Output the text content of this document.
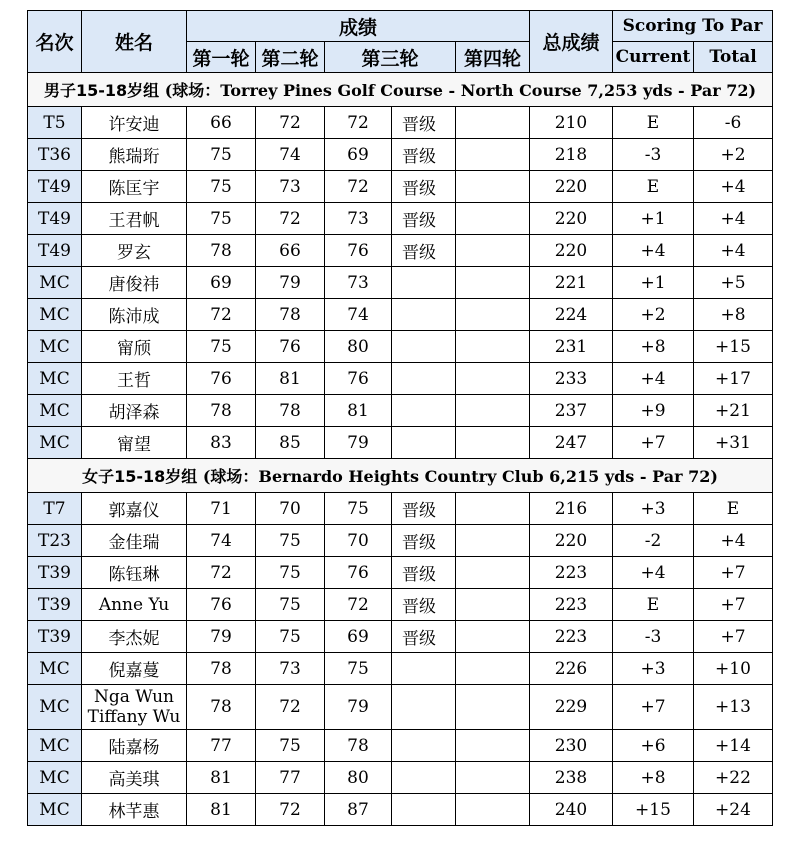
名次	姓名	成绩					总成绩	Scoring To Par	
		第一轮	第二轮	第三轮		第四轮		Current	Total
男子15-18岁组 (球场：Torrey Pines Golf Course - North Course 7,253 yds - Par 72)									
T5	许安迪	66	72	72	晋级		210	E	-6
T36	熊瑞珩	75	74	69	晋级		218	-3	+2
T49	陈匡宇	75	73	72	晋级		220	E	+4
T49	王君帆	75	72	73	晋级		220	+1	+4
T49	罗玄	78	66	76	晋级		220	+4	+4
MC	唐俊祎	69	79	73			221	+1	+5
MC	陈沛成	72	78	74			224	+2	+8
MC	甯颀	75	76	80			231	+8	+15
MC	王哲	76	81	76			233	+4	+17
MC	胡泽森	78	78	81			237	+9	+21
MC	甯望	83	85	79			247	+7	+31
女子15-18岁组 (球场：Bernardo Heights Country Club 6,215 yds - Par 72)									
T7	郭嘉仪	71	70	75	晋级		216	+3	E
T23	金佳瑞	74	75	70	晋级		220	-2	+4
T39	陈钰琳	72	75	76	晋级		223	+4	+7
T39	Anne Yu	76	75	72	晋级		223	E	+7
T39	李杰妮	79	75	69	晋级		223	-3	+7
MC	倪嘉蔓	78	73	75			226	+3	+10
MC	Nga Wun Tiffany Wu	78	72	79			229	+7	+13
MC	陆嘉杨	77	75	78			230	+6	+14
MC	高美琪	81	77	80			238	+8	+22
MC	林芊惠	81	72	87			240	+15	+24
